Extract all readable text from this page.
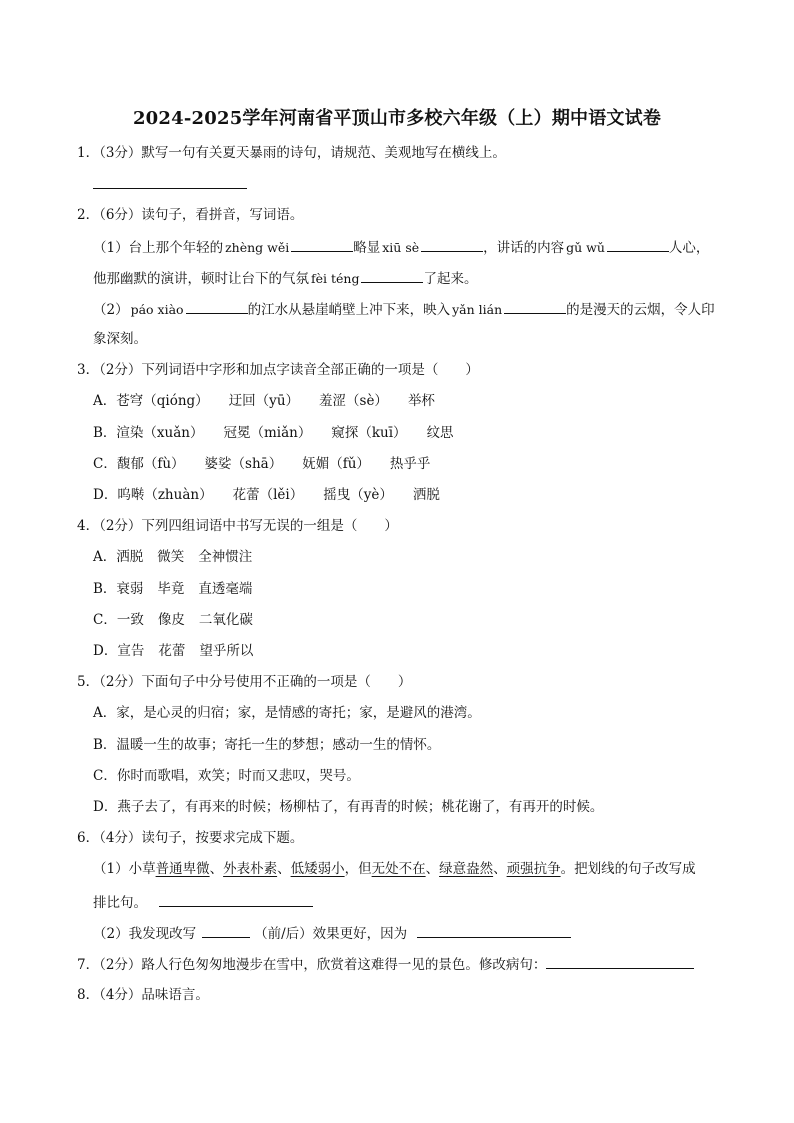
2024-2025学年河南省平顶山市多校六年级（上）期中语文试卷
1．（3分）默写一句有关夏天暴雨的诗句，请规范、美观地写在横线上。
2．（6分）读句子，看拼音，写词语。
（1）台上那个年轻的 zhèng wěi	略显 xiū sè	，讲话的内容 gǔ wǔ	人心，
他那幽默的演讲，顿时让台下的气氛 fèi téng	了起来。
（2） páo xiào	的江水从悬崖峭壁上冲下来，映入 yǎn lián	的是漫天的云烟，令人印
象深刻。
3．（2分）下列词语中字形和加点字读音全部正确的一项是（　　）
A．苍穹（qióng） 迂回（yū） 羞涩（sè） 举杯
B．渲染（xuǎn） 冠冕（miǎn） 窥探（kuī） 纹思
C．馥郁（fù） 婆娑（shā） 妩媚（fǔ） 热乎乎
D．呜啭（zhuàn） 花蕾（lěi） 摇曳（yè） 洒脱
4．（2分）下列四组词语中书写无误的一组是（　　）
A．洒脱 微笑 全神惯注
B．衰弱 毕竟 直透毫端
C．一致 像皮 二氧化碳
D．宣告 花蕾 望乎所以
5．（2分）下面句子中分号使用不正确的一项是（　　）
A．家，是心灵的归宿；家，是情感的寄托；家，是避风的港湾。
B．温暖一生的故事；寄托一生的梦想；感动一生的情怀。
C．你时而歌唱，欢笑；时而又悲叹，哭号。
D．燕子去了，有再来的时候；杨柳枯了，有再青的时候；桃花谢了，有再开的时候。
6．（4分）读句子，按要求完成下题。
（1）小草普通卑微、外表朴素、低矮弱小，但无处不在、绿意盎然、顽强抗争。把划线的句子改写成
排比句。
（2）我发现改写	（前/后）效果更好，因为
7．（2分）路人行色匆匆地漫步在雪中，欣赏着这难得一见的景色。修改病句：
8．（4分）品味语言。
